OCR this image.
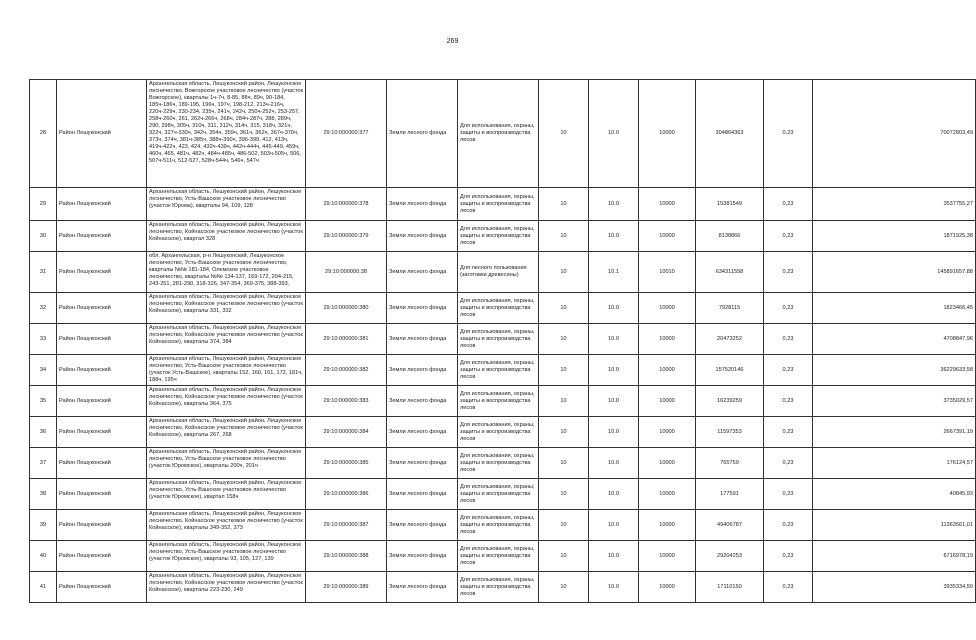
269
28	Район Лешуконский	Архангельская область, Лешуконский район, Лешуконское лесничество, Вожгорское участковое лесничество (участок Вожгорское), кварталы 1ч-7ч, 8-85, 88ч, 89ч, 90-184, 185ч-186ч, 189-195, 196ч, 197ч, 198-212, 213ч-216ч, 220ч-229ч, 230-234, 235ч, 241ч, 242ч, 250ч-252ч, 253-257, 258ч-260ч, 261, 262ч-266ч, 268ч, 284ч-287ч, 288, 289ч, 290, 298ч, 305ч, 310ч, 311, 312ч, 314ч, 315, 318ч, 321ч, 322ч, 327ч-330ч, 342ч, 354ч, 359ч, 361ч, 362ч, 367ч-370ч, 373ч, 374ч, 381ч-385ч, 388ч-390ч, 396-399, 412, 413ч, 419ч-422ч, 423, 424, 432ч-439ч, 442ч-444ч, 445-449, 459ч, 460ч, 465, 481ч, 482ч, 484ч-485ч, 486-502, 503ч-505ч, 506, 507ч-511ч, 512-527, 528ч-544ч, 546ч, 547ч	29:10:000000:377	Земли лесного фонда	Для использования, охраны, защиты и воспроизводства лесов	10	10.0	10000	304864363	0,23	70072803,49
29	Район Лешуконский	Архангельская область, Лешуконский район, Лешуконское лесничество, Усть-Вашское участковое лесничество (участок Юрома), кварталы 94, 109, 128	29:10:000000:378	Земли лесного фонда	Для использования, охраны, защиты и воспроизводства лесов	10	10.0	10000	15381549	0,23	3537755,27
30	Район Лешуконский	Архангельская область, Лешуконский район, Лешуконское лесничество, Койнасское участковое лесничество (участок Койнасское), квартал 328	29:10:000000:379	Земли лесного фонда	Для использования, охраны, защиты и воспроизводства лесов	10	10.0	10000	8138866	0,23	1871925,38
31	Район Лешуконский	обл. Архангельская, р-н Лешуконский, Лешуконское лесничество, Усть-Вашское участковое лесничество, кварталы №№ 181-184, Олемское участковое лесничество, кварталы №№ 134-137, 169-172, 204-215, 243-251, 281-290, 318-326, 347-354, 369-375, 388-393,	29:10:000000:38	Земли лесного фонда	Для лесного пользования (заготовки древесины)	10	10.1	10010	634311558	0,23	145891657,88
32	Район Лешуконский	Архангельская область, Лешуконский район, Лешуконское лесничество, Койнасское участковое лесничество (участок Койнасское), кварталы 331, 332	29:10:000000:380	Земли лесного фонда	Для использования, охраны, защиты и воспроизводства лесов	10	10.0	10000	7928115	0,23	1823466,45
33	Район Лешуконский	Архангельская область, Лешуконский район, Лешуконское лесничество, Койнасское участковое лесничество (участок Койнасское), кварталы 374, 384	29:10:000000:381	Земли лесного фонда	Для использования, охраны, защиты и воспроизводства лесов	10	10.0	10000	20473252	0,23	4708847,96
34	Район Лешуконский	Архангельская область, Лешуконский район, Лешуконское лесничество, Усть-Вашское участковое лесничество (участок Усть-Вашское), кварталы 152, 160, 161, 172, 181ч, 188ч, 195ч	29:10:000000:382	Земли лесного фонда	Для использования, охраны, защиты и воспроизводства лесов	10	10.0	10000	157520146	0,23	36229633,58
35	Район Лешуконский	Архангельская область, Лешуконский район, Лешуконское лесничество, Койнасское участковое лесничество (участок Койнасское), кварталы 364, 375	29:10:000000:383	Земли лесного фонда	Для использования, охраны, защиты и воспроизводства лесов	10	10.0	10000	16239259	0,23	3735029,57
36	Район Лешуконский	Архангельская область, Лешуконский район, Лешуконское лесничество, Койнасское участковое лесничество (участок Койнасское), кварталы 267, 268	29:10:000000:384	Земли лесного фонда	Для использования, охраны, защиты и воспроизводства лесов	10	10.0	10000	11597353	0,23	2667391,19
37	Район Лешуконский	Архангельская область, Лешуконский район, Лешуконское лесничество, Усть-Вашское участковое лесничество (участок Юромское), кварталы 200ч, 201ч	29:10:000000:385	Земли лесного фонда	Для использования, охраны, защиты и воспроизводства лесов	10	10.0	10000	765759	0,23	176124,57
38	Район Лешуконский	Архангельская область, Лешуконский район, Лешуконское лесничество, Усть-Вашское участковое лесничество (участок Юромское), квартал 158ч	29:10:000000:386	Земли лесного фонда	Для использования, охраны, защиты и воспроизводства лесов	10	10.0	10000	177591	0,23	40845,93
39	Район Лешуконский	Архангельская область, Лешуконский район, Лешуконское лесничество, Койнасское участковое лесничество (участок Койнасское), кварталы 349-352, 373	29:10:000000:387	Земли лесного фонда	Для использования, охраны, защиты и воспроизводства лесов	10	10.0	10000	49406787	0,23	11363561,01
40	Район Лешуконский	Архангельская область, Лешуконский район, Лешуконское лесничество, Усть-Вашское участковое лесничество (участок Юромское), кварталы 93, 105, 127, 139	29:10:000000:388	Земли лесного фонда	Для использования, охраны, защиты и воспроизводства лесов	10	10.0	10000	29204253	0,23	6716978,19
41	Район Лешуконский	Архангельская область, Лешуконский район, Лешуконское лесничество, Койнасское участковое лесничество (участок Койнасское), кварталы 223-230, 249	29:10:000000:389	Земли лесного фонда	Для использования, охраны, защиты и воспроизводства лесов	10	10.0	10000	17110150	0,23	3935334,50
